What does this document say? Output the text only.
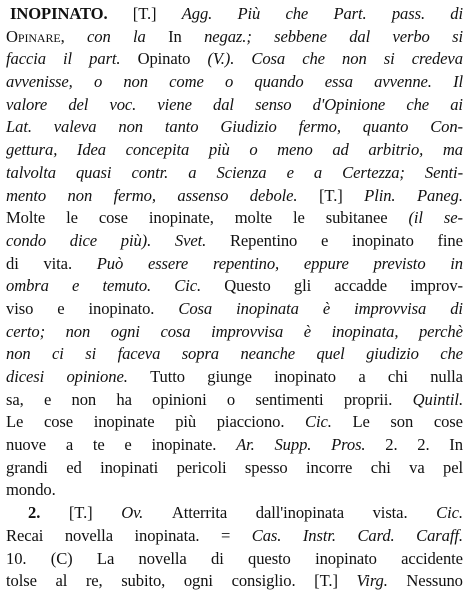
INOPINATO. [T.] Agg. Più che Part. pass. di
Opinare, con la In negaz.; sebbene dal verbo si
faccia il part. Opinato (V.). Cosa che non si credeva
avvenisse, o non come o quando essa avvenne. Il
valore del voc. viene dal senso d'Opinione che ai
Lat. valeva non tanto Giudizio fermo, quanto Con-
gettura, Idea concepita più o meno ad arbitrio, ma
talvolta quasi contr. a Scienza e a Certezza; Senti-
mento non fermo, assenso debole. [T.] Plin. Paneg.
Molte le cose inopinate, molte le subitanee (il se-
condo dice più). Svet. Repentino e inopinato fine
di vita. Può essere repentino, eppure previsto in
ombra e temuto. Cic. Questo gli accadde improv-
viso e inopinato. Cosa inopinata è improvvisa di
certo; non ogni cosa improvvisa è inopinata, perchè
non ci si faceva sopra neanche quel giudizio che
dicesi opinione. Tutto giunge inopinato a chi nulla
sa, e non ha opinioni o sentimenti proprii. Quintil.
Le cose inopinate più piacciono. Cic. Le son cose
nuove a te e inopinate. Ar. Supp. Pros. 2. 2. In
grandi ed inopinati pericoli spesso incorre chi va pel
mondo.
2. [T.] Ov. Atterrita dall'inopinata vista. Cic.
Recai novella inopinata. = Cas. Instr. Card. Caraff.
10. (C) La novella di questo inopinato accidente
tolse al re, subito, ogni consiglio. [T.] Virg. Nessuno
